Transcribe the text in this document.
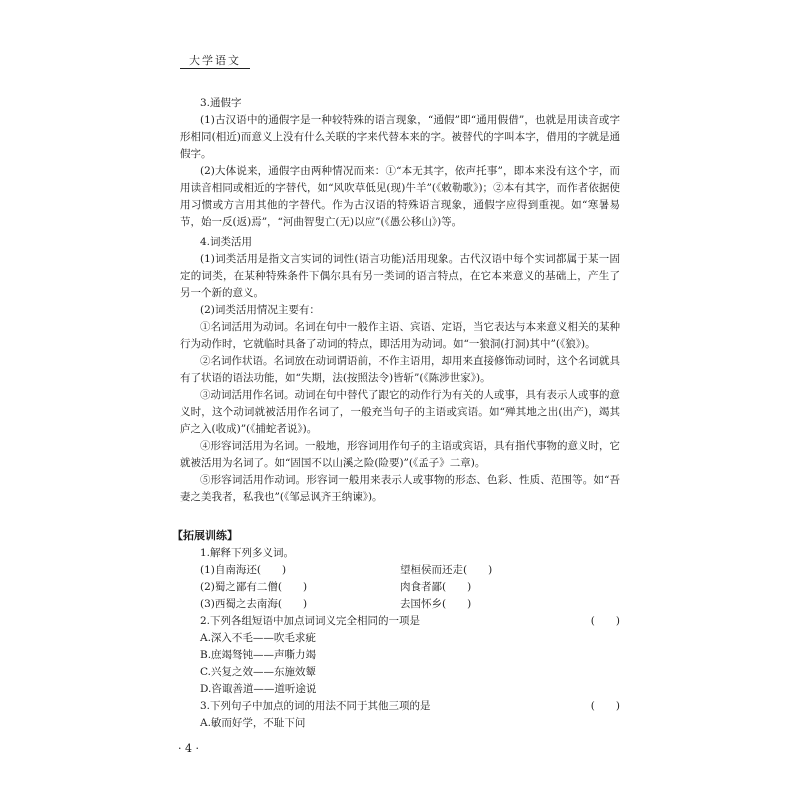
大学语文

3.通假字

(1)古汉语中的通假字是一种较特殊的语言现象，“通假”即“通用假借”，也就是用读音或字形相同(相近)而意义上没有什么关联的字来代替本来的字。被替代的字叫本字，借用的字就是通假字。

(2)大体说来，通假字由两种情况而来：①“本无其字，依声托事”，即本来没有这个字，而用读音相同或相近的字替代，如“风吹草低见(现)牛羊”(《敕勒歌》)；②本有其字，而作者依据使用习惯或方言用其他的字替代。作为古汉语的特殊语言现象，通假字应得到重视。如“寒暑易节，始一反(返)焉”，“河曲智叟亡(无)以应”(《愚公移山》)等。

4.词类活用

(1)词类活用是指文言实词的词性(语言功能)活用现象。古代汉语中每个实词都属于某一固定的词类，在某种特殊条件下偶尔具有另一类词的语言特点，在它本来意义的基础上，产生了另一个新的意义。

(2)词类活用情况主要有：

①名词活用为动词。名词在句中一般作主语、宾语、定语，当它表达与本来意义相关的某种行为动作时，它就临时具备了动词的特点，即活用为动词。如“一狼洞(打洞)其中”(《狼》)。

②名词作状语。名词放在动词谓语前，不作主语用，却用来直接修饰动词时，这个名词就具有了状语的语法功能，如“失期，法(按照法令)皆斩”(《陈涉世家》)。

③动词活用作名词。动词在句中替代了跟它的动作行为有关的人或事，具有表示人或事的意义时，这个动词就被活用作名词了，一般充当句子的主语或宾语。如“殚其地之出(出产)，竭其庐之入(收成)”(《捕蛇者说》)。

④形容词活用为名词。一般地，形容词用作句子的主语或宾语，具有指代事物的意义时，它就被活用为名词了。如“固国不以山溪之险(险要)”(《孟子》二章)。

⑤形容词活用作动词。形容词一般用来表示人或事物的形态、色彩、性质、范围等。如“吾妻之美我者，私我也”(《邹忌讽齐王纳谏》)。

【拓展训练】
1.解释下列多义词。
(1)自南海还(　　)	望桓侯而还走(　　)
(2)蜀之鄙有二僧(　　)	肉食者鄙(　　)
(3)西蜀之去南海(　　)	去国怀乡(　　)
2.下列各组短语中加点词词义完全相同的一项是	(　　)
A.深入不毛——吹毛求疵
B.庶竭驽钝——声嘶力竭
C.兴复之效——东施效颦
D.咨诹善道——道听途说
3.下列句子中加点的词的用法不同于其他三项的是	(　　)
A.敏而好学，不耻下问
· 4 ·
